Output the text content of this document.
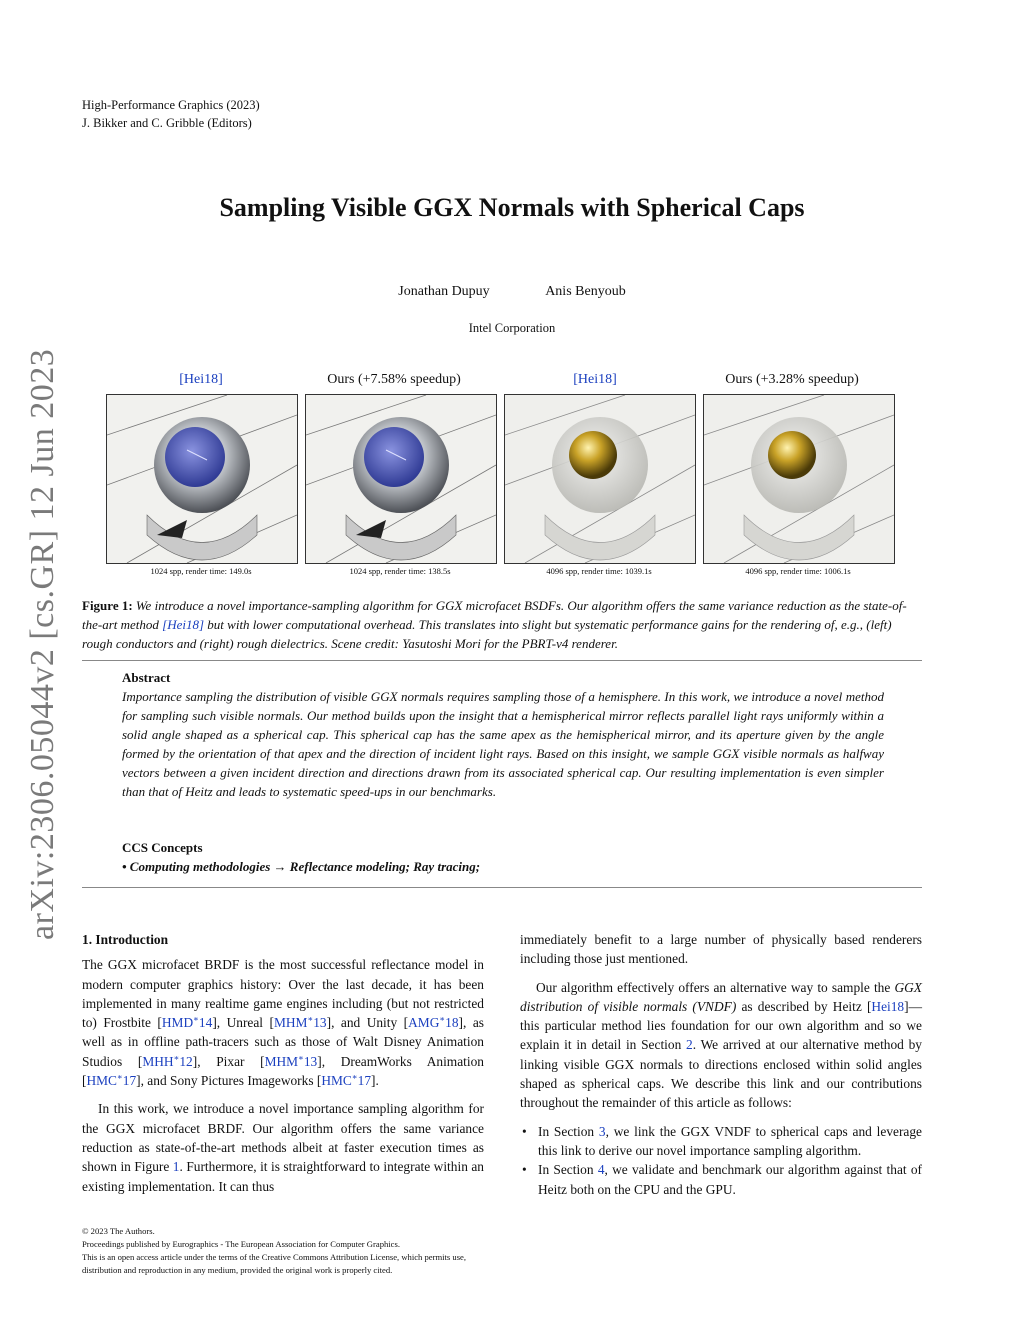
High-Performance Graphics (2023)
J. Bikker and C. Gribble (Editors)
Sampling Visible GGX Normals with Spherical Caps
Jonathan Dupuy	Anis Benyoub
Intel Corporation
arXiv:2306.05044v2 [cs.GR] 12 Jun 2023	[Hei18]	Ours (+7.58% speedup)	[Hei18]	Ours (+3.28% speedup)
1024 spp, render time: 149.0s	1024 spp, render time: 138.5s	4096 spp, render time: 1039.1s	4096 spp, render time: 1006.1s
Figure 1: We introduce a novel importance-sampling algorithm for GGX microfacet BSDFs. Our algorithm offers the same variance reduction as the state-of-the-art method [Hei18] but with lower computational overhead. This translates into slight but systematic performance gains for the rendering of, e.g., (left) rough conductors and (right) rough dielectrics. Scene credit: Yasutoshi Mori for the PBRT-v4 renderer.
Abstract
Importance sampling the distribution of visible GGX normals requires sampling those of a hemisphere. In this work, we introduce a novel method for sampling such visible normals. Our method builds upon the insight that a hemispherical mirror reflects parallel light rays uniformly within a solid angle shaped as a spherical cap. This spherical cap has the same apex as the hemispherical mirror, and its aperture given by the angle formed by the orientation of that apex and the direction of incident light rays. Based on this insight, we sample GGX visible normals as halfway vectors between a given incident direction and directions drawn from its associated spherical cap. Our resulting implementation is even simpler than that of Heitz and leads to systematic speed-ups in our benchmarks.
CCS Concepts
• Computing methodologies → Reflectance modeling; Ray tracing;
1. Introduction

The GGX microfacet BRDF is the most successful reflectance model in modern computer graphics history: Over the last decade, it has been implemented in many realtime game engines including (but not restricted to) Frostbite [HMD∗14], Unreal [MHM∗13], and Unity [AMG∗18], as well as in offline path-tracers such as those of Walt Disney Animation Studios [MHH∗12], Pixar [MHM∗13], DreamWorks Animation [HMC∗17], and Sony Pictures Imageworks [HMC∗17].

In this work, we introduce a novel importance sampling algorithm for the GGX microfacet BRDF. Our algorithm offers the same variance reduction as state-of-the-art methods albeit at faster execution times as shown in Figure 1. Furthermore, it is straightforward to integrate within an existing implementation. It can thus

immediately benefit to a large number of physically based renderers including those just mentioned.

Our algorithm effectively offers an alternative way to sample the GGX distribution of visible normals (VNDF) as described by Heitz [Hei18]—this particular method lies foundation for our own algorithm and so we explain it in detail in Section 2. We arrived at our alternative method by linking visible GGX normals to directions enclosed within solid angles shaped as spherical caps. We describe this link and our contributions throughout the remainder of this article as follows:

• In Section 3, we link the GGX VNDF to spherical caps and leverage this link to derive our novel importance sampling algorithm.
• In Section 4, we validate and benchmark our algorithm against that of Heitz both on the CPU and the GPU.
© 2023 The Authors.
Proceedings published by Eurographics - The European Association for Computer Graphics.
This is an open access article under the terms of the Creative Commons Attribution License, which permits use, distribution and reproduction in any medium, provided the original work is properly cited.
